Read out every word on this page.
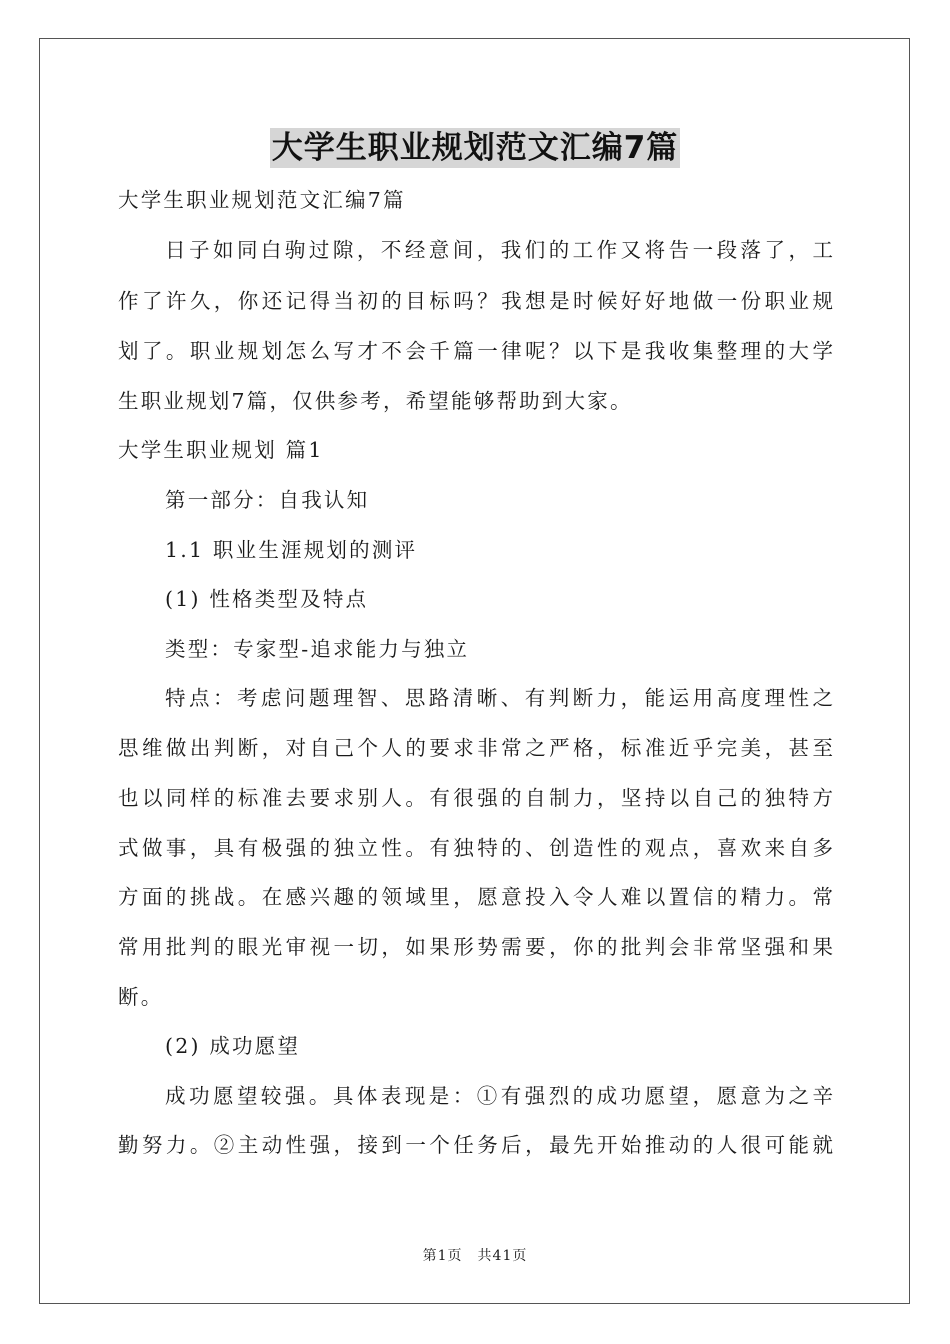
大学生职业规划范文汇编7篇
大学生职业规划范文汇编7篇
日子如同白驹过隙，不经意间，我们的工作又将告一段落了，工
作了许久，你还记得当初的目标吗？我想是时候好好地做一份职业规
划了。职业规划怎么写才不会千篇一律呢？以下是我收集整理的大学
生职业规划7篇，仅供参考，希望能够帮助到大家。
大学生职业规划 篇1
第一部分：自我认知
1.1 职业生涯规划的测评
(1) 性格类型及特点
类型：专家型-追求能力与独立
特点：考虑问题理智、思路清晰、有判断力，能运用高度理性之
思维做出判断，对自己个人的要求非常之严格，标准近乎完美，甚至
也以同样的标准去要求别人。有很强的自制力，坚持以自己的独特方
式做事，具有极强的独立性。有独特的、创造性的观点，喜欢来自多
方面的挑战。在感兴趣的领域里，愿意投入令人难以置信的精力。常
常用批判的眼光审视一切，如果形势需要，你的批判会非常坚强和果
断。
(2) 成功愿望
成功愿望较强。具体表现是：①有强烈的成功愿望，愿意为之辛
勤努力。②主动性强，接到一个任务后，最先开始推动的人很可能就
第1页　共41页
